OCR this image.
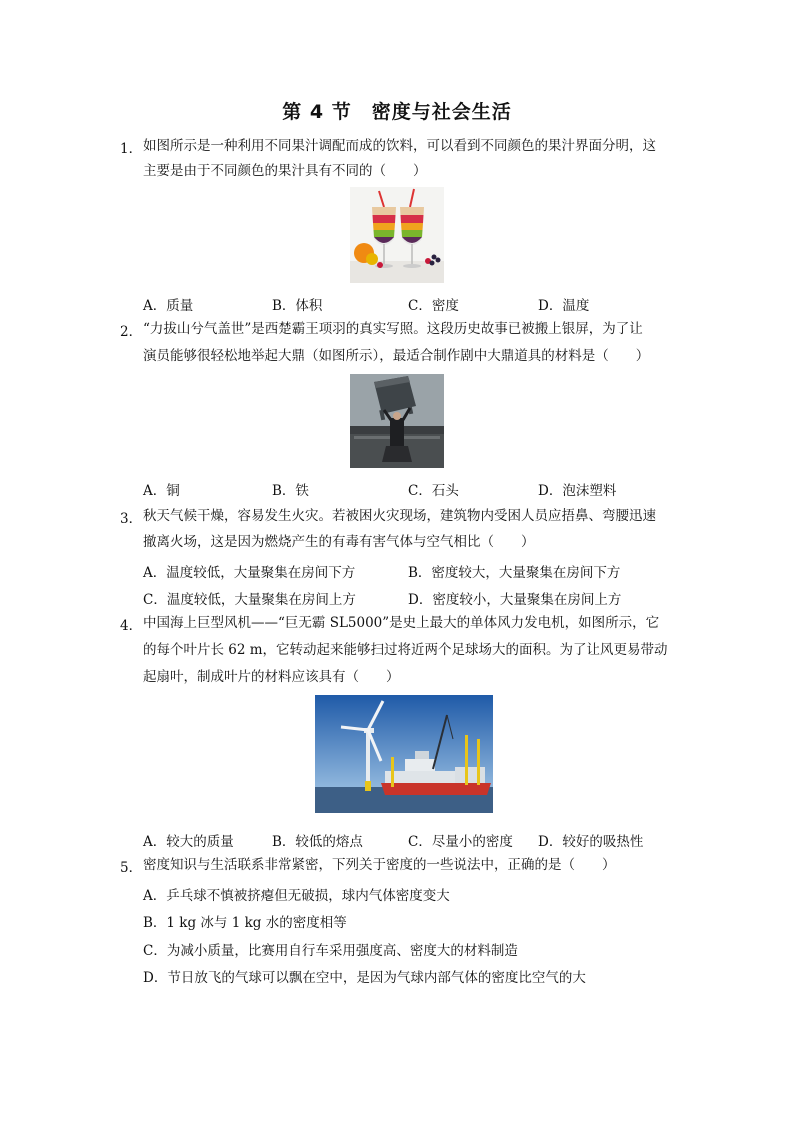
第 4 节　密度与社会生活
1． 如图所示是一种利用不同果汁调配而成的饮料，可以看到不同颜色的果汁界面分明，这
主要是由于不同颜色的果汁具有不同的（　　）
A．质量	B．体积	C．密度	D．温度
2． “力拔山兮气盖世”是西楚霸王项羽的真实写照。这段历史故事已被搬上银屏，为了让
演员能够很轻松地举起大鼎（如图所示），最适合制作剧中大鼎道具的材料是（　　）
A．铜	B．铁	C．石头	D．泡沫塑料
3． 秋天气候干燥，容易发生火灾。若被困火灾现场，建筑物内受困人员应捂鼻、弯腰迅速
撤离火场，这是因为燃烧产生的有毒有害气体与空气相比（　　）
A．温度较低，大量聚集在房间下方	B．密度较大，大量聚集在房间下方
C．温度较低，大量聚集在房间上方	D．密度较小，大量聚集在房间上方
4． 中国海上巨型风机——“巨无霸 SL5000”是史上最大的单体风力发电机，如图所示，它
的每个叶片长 62 m，它转动起来能够扫过将近两个足球场大的面积。为了让风更易带动
起扇叶，制成叶片的材料应该具有（　　）
A．较大的质量	B．较低的熔点	C．尽量小的密度 D．较好的吸热性
5． 密度知识与生活联系非常紧密，下列关于密度的一些说法中，正确的是（　　）
A．乒乓球不慎被挤瘪但无破损，球内气体密度变大
B．1 kg 冰与 1 kg 水的密度相等
C．为减小质量，比赛用自行车采用强度高、密度大的材料制造
D．节日放飞的气球可以飘在空中，是因为气球内部气体的密度比空气的大
